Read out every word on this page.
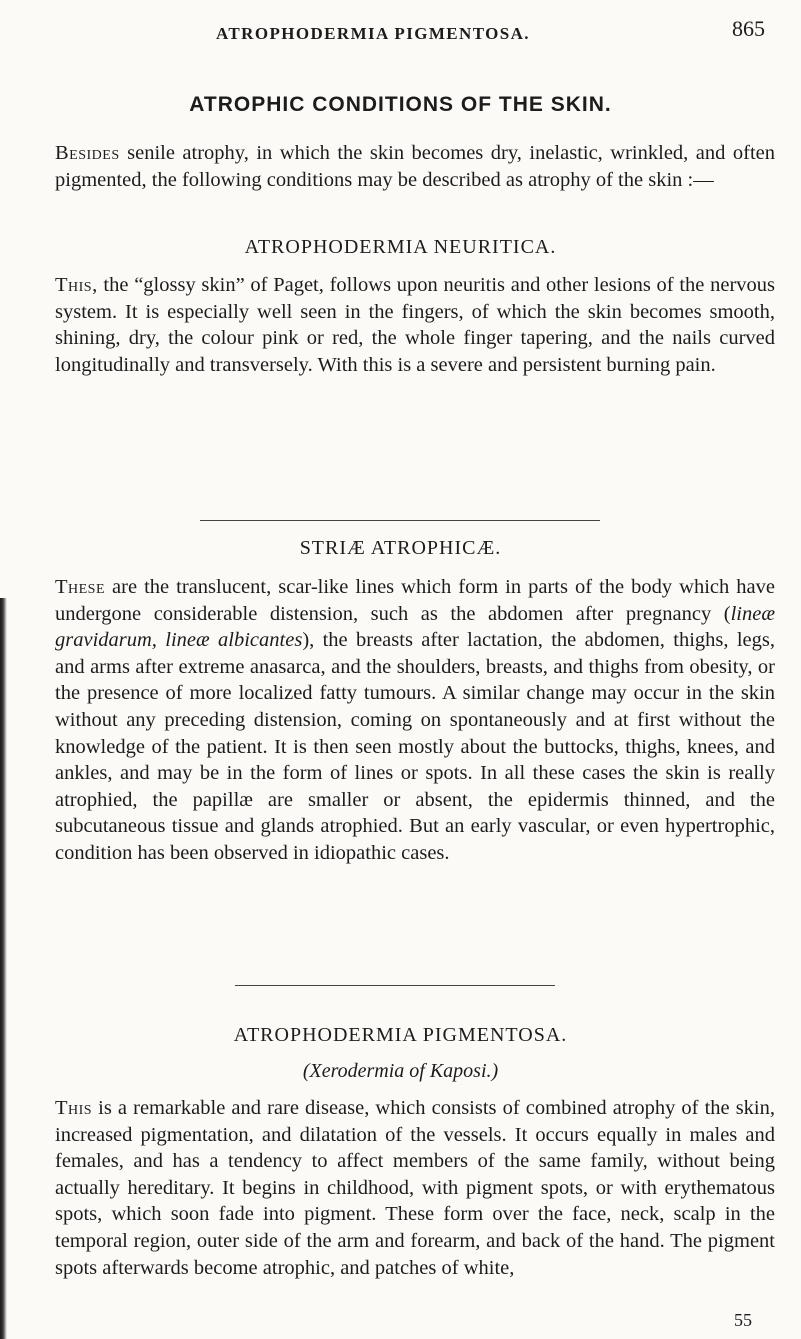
ATROPHODERMIA PIGMENTOSA.	865
ATROPHIC CONDITIONS OF THE SKIN.

Besides senile atrophy, in which the skin becomes dry, inelastic, wrinkled, and often pigmented, the following conditions may be described as atrophy of the skin :—

ATROPHODERMIA NEURITICA.

This, the “glossy skin” of Paget, follows upon neuritis and other lesions of the nervous system. It is especially well seen in the fingers, of which the skin becomes smooth, shining, dry, the colour pink or red, the whole finger tapering, and the nails curved longitudinally and transversely. With this is a severe and persistent burning pain.

STRIÆ ATROPHICÆ.

These are the translucent, scar-like lines which form in parts of the body which have undergone considerable distension, such as the abdomen after pregnancy (lineæ gravidarum, lineæ albicantes), the breasts after lactation, the abdomen, thighs, legs, and arms after extreme anasarca, and the shoulders, breasts, and thighs from obesity, or the presence of more localized fatty tumours. A similar change may occur in the skin without any preceding distension, coming on spontaneously and at first without the knowledge of the patient. It is then seen mostly about the buttocks, thighs, knees, and ankles, and may be in the form of lines or spots. In all these cases the skin is really atrophied, the papillæ are smaller or absent, the epidermis thinned, and the subcutaneous tissue and glands atrophied. But an early vascular, or even hypertrophic, condition has been observed in idiopathic cases.

ATROPHODERMIA PIGMENTOSA.
(Xerodermia of Kaposi.)

This is a remarkable and rare disease, which consists of combined atrophy of the skin, increased pigmentation, and dilatation of the vessels. It occurs equally in males and females, and has a tendency to affect members of the same family, without being actually hereditary. It begins in childhood, with pigment spots, or with erythematous spots, which soon fade into pigment. These form over the face, neck, scalp in the temporal region, outer side of the arm and forearm, and back of the hand. The pigment spots afterwards become atrophic, and patches of white,

55
